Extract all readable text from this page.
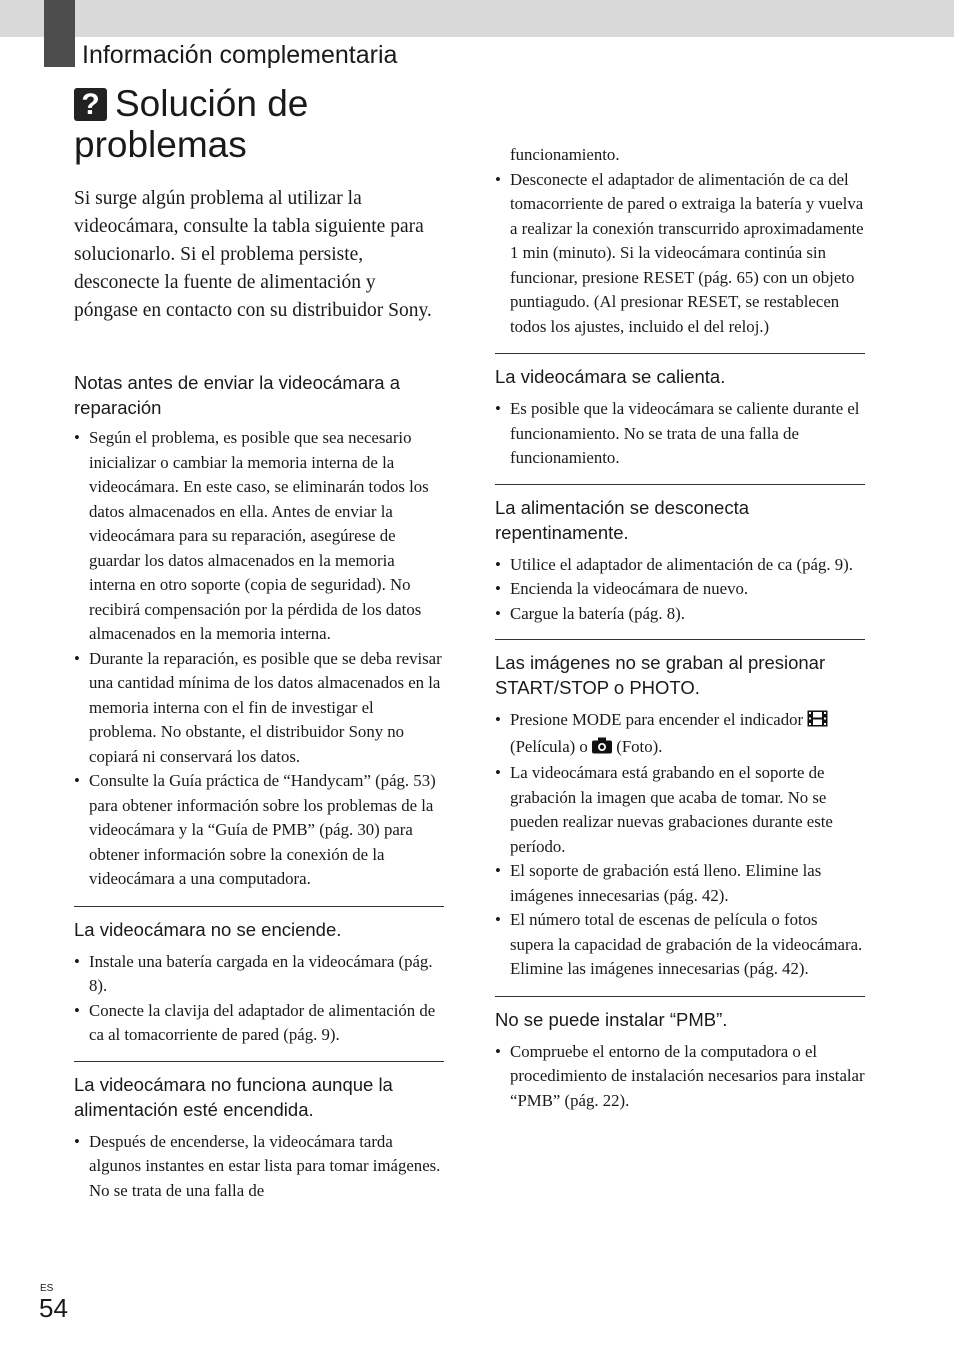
Información complementaria
? Solución de problemas

Si surge algún problema al utilizar la videocámara, consulte la tabla siguiente para solucionarlo. Si el problema persiste, desconecte la fuente de alimentación y póngase en contacto con su distribuidor Sony.

Notas antes de enviar la videocámara a reparación
• Según el problema, es posible que sea necesario inicializar o cambiar la memoria interna de la videocámara. En este caso, se eliminarán todos los datos almacenados en ella. Antes de enviar la videocámara para su reparación, asegúrese de guardar los datos almacenados en la memoria interna en otro soporte (copia de seguridad). No recibirá compensación por la pérdida de los datos almacenados en la memoria interna.
• Durante la reparación, es posible que se deba revisar una cantidad mínima de los datos almacenados en la memoria interna con el fin de investigar el problema. No obstante, el distribuidor Sony no copiará ni conservará los datos.
• Consulte la Guía práctica de “Handycam” (pág. 53) para obtener información sobre los problemas de la videocámara y la “Guía de PMB” (pág. 30) para obtener información sobre la conexión de la videocámara a una computadora.
La videocámara no se enciende.
• Instale una batería cargada en la videocámara (pág. 8).
• Conecte la clavija del adaptador de alimentación de ca al tomacorriente de pared (pág. 9).
La videocámara no funciona aunque la alimentación esté encendida.
• Después de encenderse, la videocámara tarda algunos instantes en estar lista para tomar imágenes. No se trata de una falla de

funcionamiento.

• Desconecte el adaptador de alimentación de ca del tomacorriente de pared o extraiga la batería y vuelva a realizar la conexión transcurrido aproximadamente 1 min (minuto). Si la videocámara continúa sin funcionar, presione RESET (pág. 65) con un objeto puntiagudo. (Al presionar RESET, se restablecen todos los ajustes, incluido el del reloj.)
La videocámara se calienta.
• Es posible que la videocámara se caliente durante el funcionamiento. No se trata de una falla de funcionamiento.
La alimentación se desconecta repentinamente.
• Utilice el adaptador de alimentación de ca (pág. 9).
• Encienda la videocámara de nuevo.
• Cargue la batería (pág. 8).
Las imágenes no se graban al presionar START/STOP o PHOTO.
• Presione MODE para encender el indicador  (Película) o (Foto).
• La videocámara está grabando en el soporte de grabación la imagen que acaba de tomar. No se pueden realizar nuevas grabaciones durante este período.
• El soporte de grabación está lleno. Elimine las imágenes innecesarias (pág. 42).
• El número total de escenas de película o fotos supera la capacidad de grabación de la videocámara. Elimine las imágenes innecesarias (pág. 42).
No se puede instalar “PMB”.
• Compruebe el entorno de la computadora o el procedimiento de instalación necesarios para instalar “PMB” (pág. 22).
ES
54
